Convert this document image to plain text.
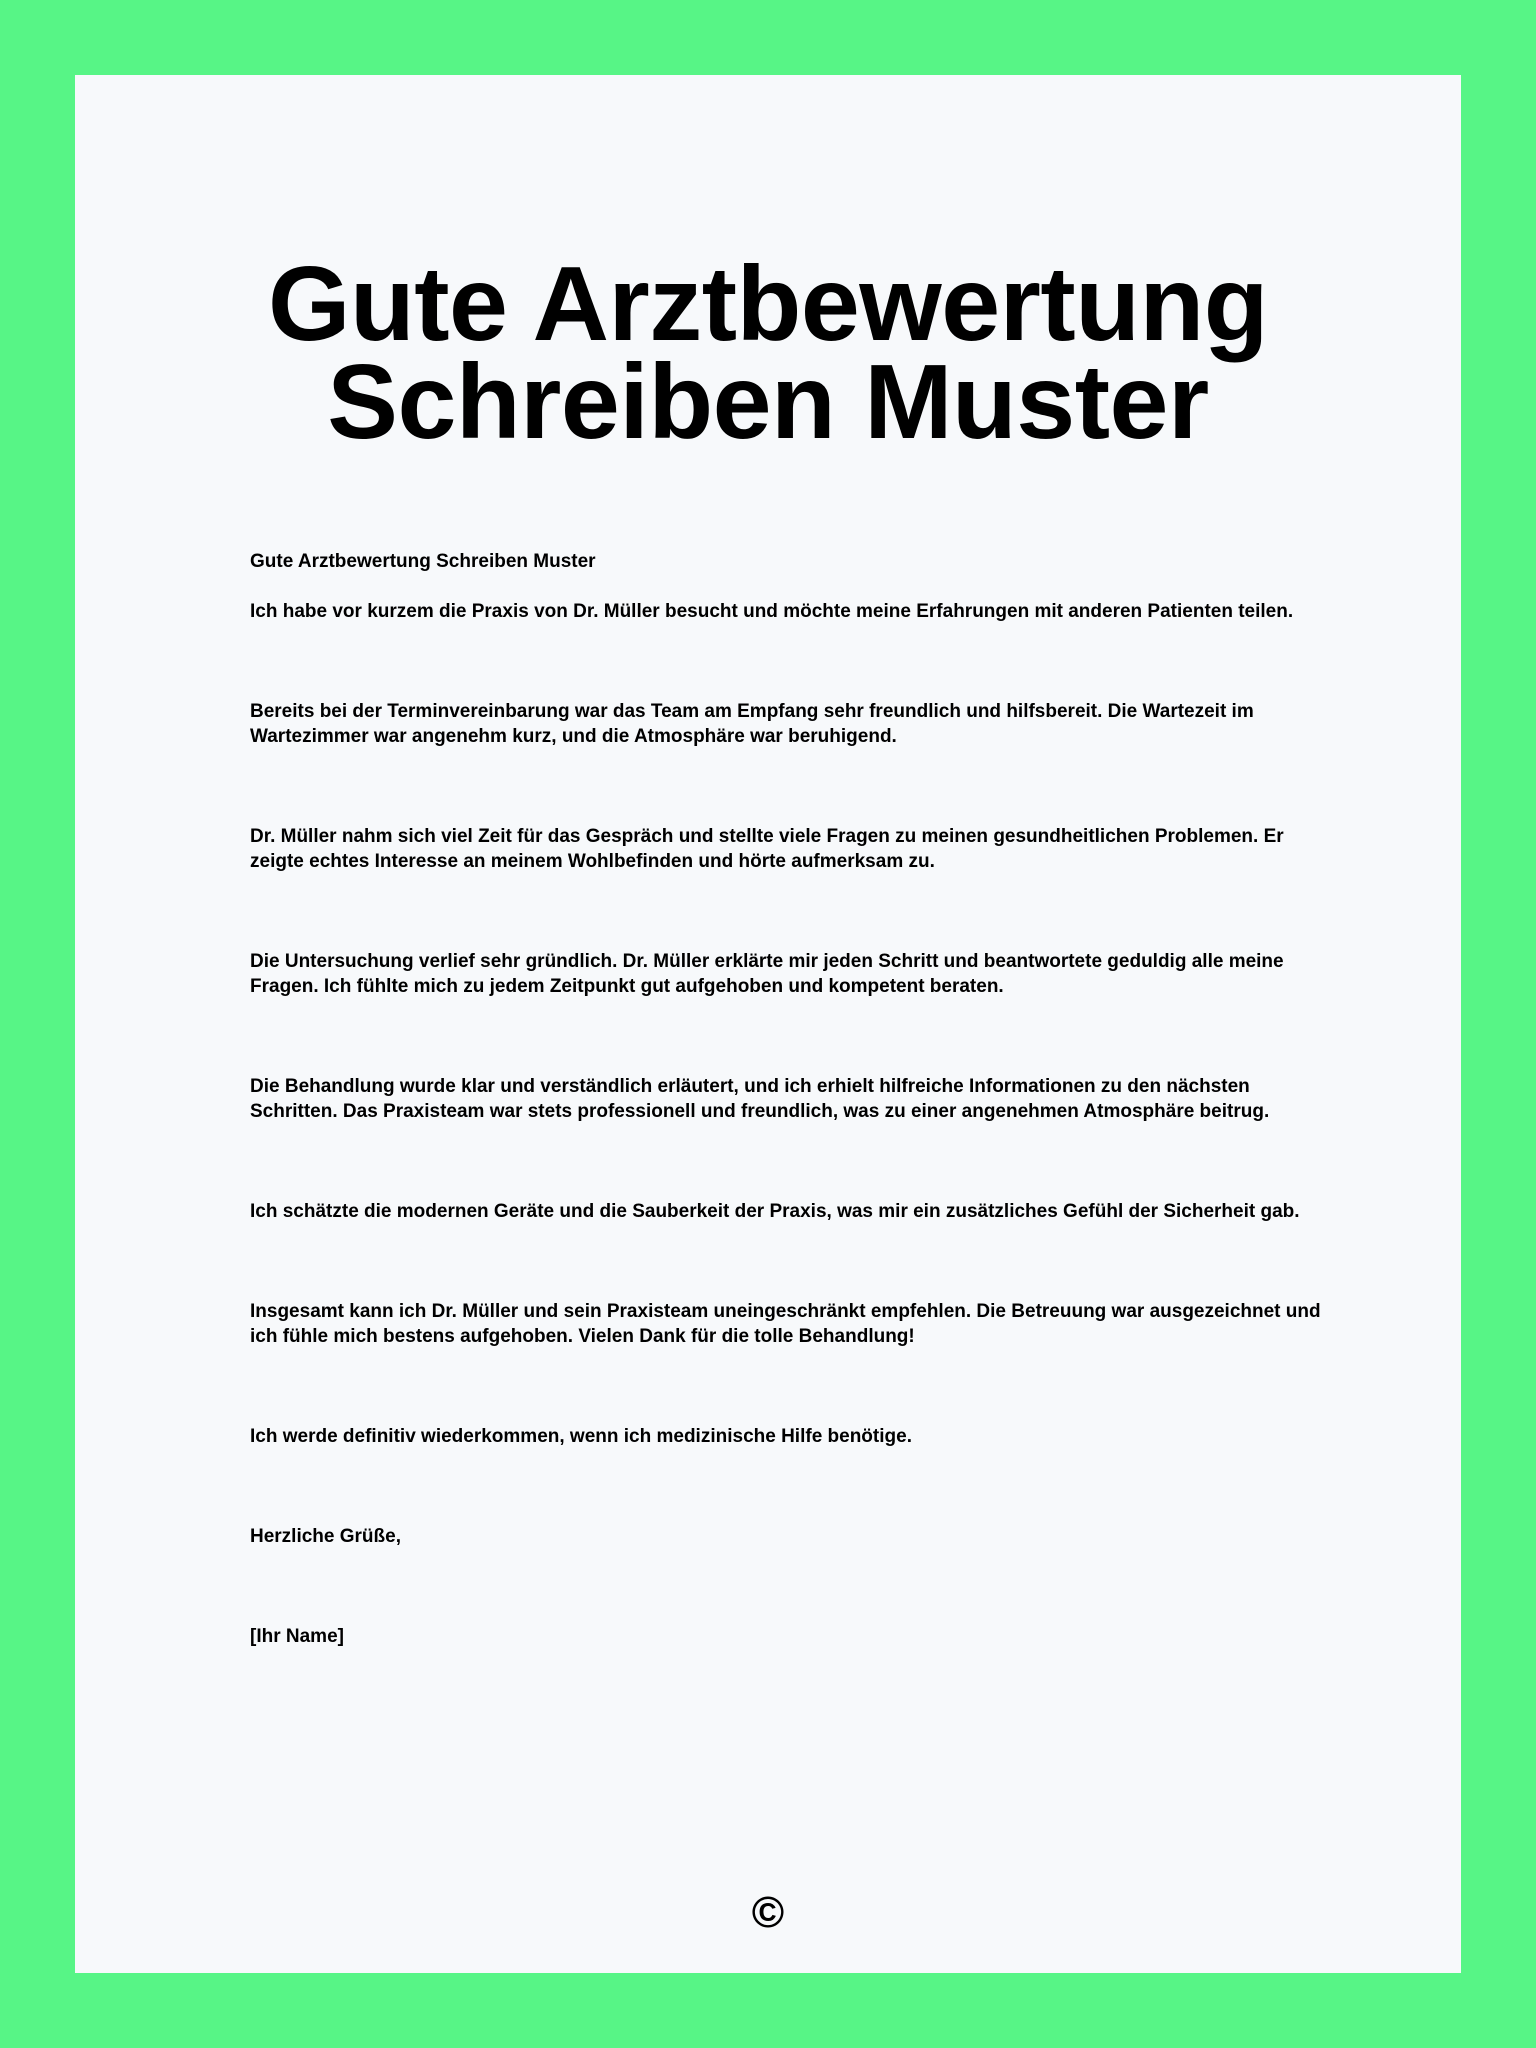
Gute Arztbewertung
Schreiben Muster

Gute Arztbewertung Schreiben Muster

Ich habe vor kurzem die Praxis von Dr. Müller besucht und möchte meine Erfahrungen mit anderen Patienten teilen.

Bereits bei der Terminvereinbarung war das Team am Empfang sehr freundlich und hilfsbereit. Die Wartezeit im Wartezimmer war angenehm kurz, und die Atmosphäre war beruhigend.

Dr. Müller nahm sich viel Zeit für das Gespräch und stellte viele Fragen zu meinen gesundheitlichen Problemen. Er zeigte echtes Interesse an meinem Wohlbefinden und hörte aufmerksam zu.

Die Untersuchung verlief sehr gründlich. Dr. Müller erklärte mir jeden Schritt und beantwortete geduldig alle meine Fragen. Ich fühlte mich zu jedem Zeitpunkt gut aufgehoben und kompetent beraten.

Die Behandlung wurde klar und verständlich erläutert, und ich erhielt hilfreiche Informationen zu den nächsten Schritten. Das Praxisteam war stets professionell und freundlich, was zu einer angenehmen Atmosphäre beitrug.

Ich schätzte die modernen Geräte und die Sauberkeit der Praxis, was mir ein zusätzliches Gefühl der Sicherheit gab.

Insgesamt kann ich Dr. Müller und sein Praxisteam uneingeschränkt empfehlen. Die Betreuung war ausgezeichnet und ich fühle mich bestens aufgehoben. Vielen Dank für die tolle Behandlung!

Ich werde definitiv wiederkommen, wenn ich medizinische Hilfe benötige.

Herzliche Grüße,

[Ihr Name]

©
